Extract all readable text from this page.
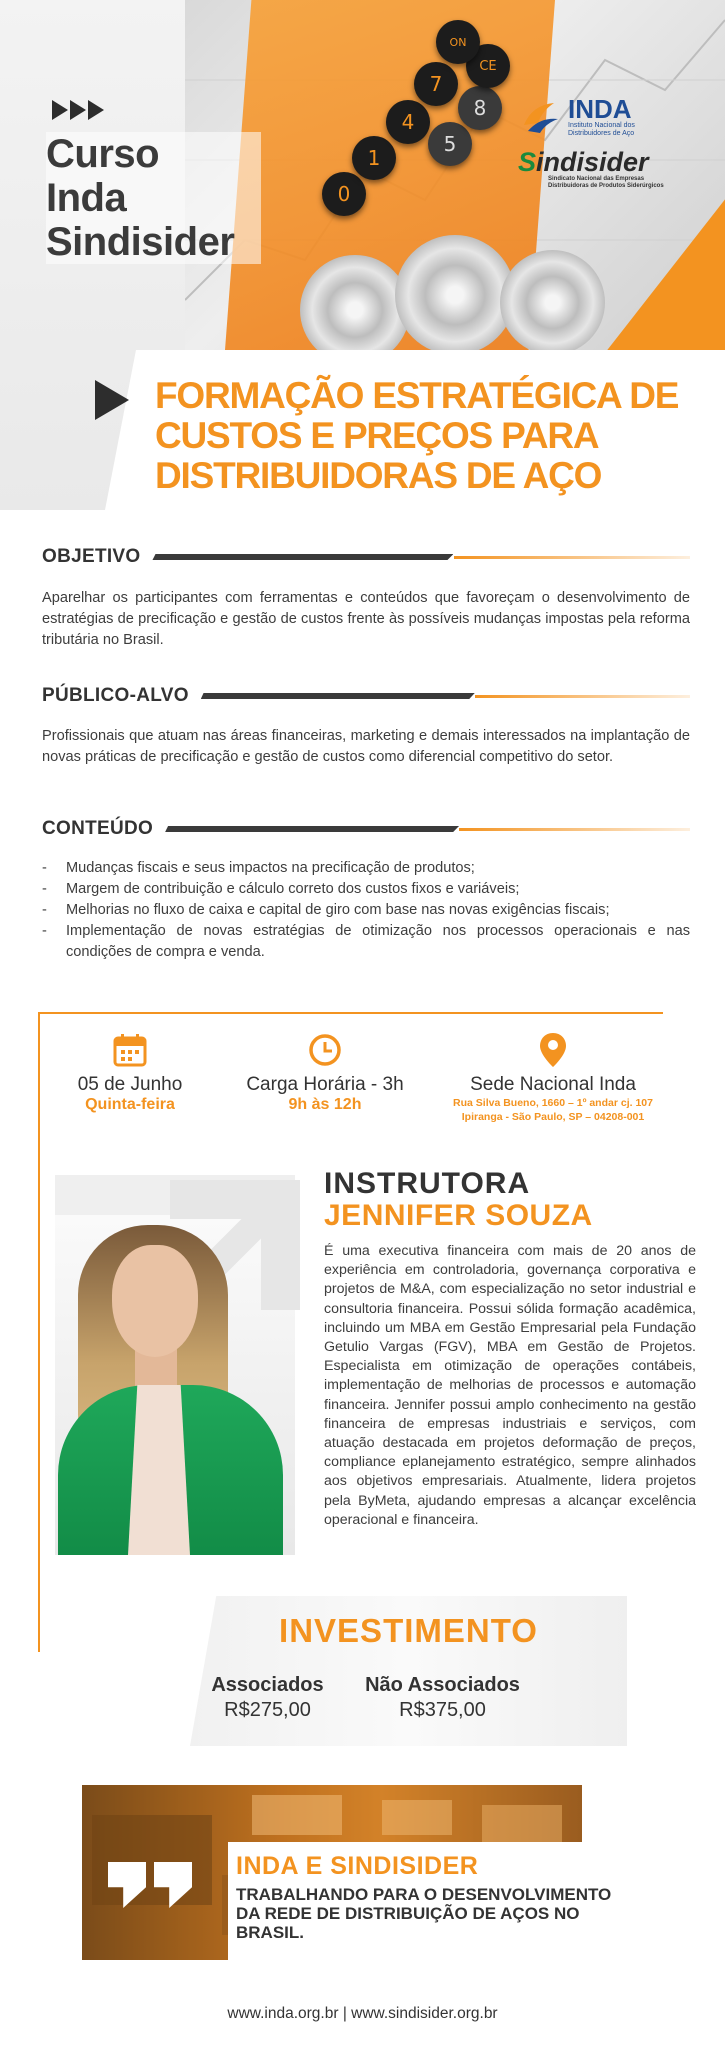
0
1
4
7
5
8
CE
ON
Curso
Inda
Sindisider
INDA
Instituto Nacional dos
Distribuidores de Aço
Sindisider
Sindicato Nacional das Empresas
Distribuidoras de Produtos Siderúrgicos
FORMAÇÃO ESTRATÉGICA DE
CUSTOS E PREÇOS PARA
DISTRIBUIDORAS DE AÇO
OBJETIVO

Aparelhar os participantes com ferramentas e conteúdos que favoreçam o desenvolvimento de estratégias de precificação e gestão de custos frente às possíveis mudanças impostas pela reforma tributária no Brasil.

PÚBLICO-ALVO

Profissionais que atuam nas áreas financeiras, marketing e demais interessados na implantação de novas práticas de precificação e gestão de custos como diferencial competitivo do setor.

CONTEÚDO
- Mudanças fiscais e seus impactos na precificação de produtos;
- Margem de contribuição e cálculo correto dos custos fixos e variáveis;
- Melhorias no fluxo de caixa e capital de giro com base nas novas exigências fiscais;
- Implementação de novas estratégias de otimização nos processos operacionais e nas condições de compra e venda.
05 de Junho
Quinta-feira
Carga Horária - 3h
9h às 12h
Sede Nacional Inda
Rua Silva Bueno, 1660 – 1º andar cj. 107
Ipiranga - São Paulo, SP – 04208-001
INSTRUTORA
JENNIFER SOUZA

É uma executiva financeira com mais de 20 anos de experiência em controladoria, governança corporativa e projetos de M&A, com especialização no setor industrial e consultoria financeira. Possui sólida formação acadêmica, incluindo um MBA em Gestão Empresarial pela Fundação Getulio Vargas (FGV), MBA em Gestão de Projetos. Especialista em otimização de operações contábeis, implementação de melhorias de processos e automação financeira. Jennifer possui amplo conhecimento na gestão financeira de empresas industriais e serviços, com atuação destacada em projetos deformação de preços, compliance eplanejamento estratégico, sempre alinhados aos objetivos empresariais. Atualmente, lidera projetos pela ByMeta, ajudando empresas a alcançar excelência operacional e financeira.

INVESTIMENTO
Associados
R$275,00
Não Associados
R$375,00
INDA E SINDISIDER
TRABALHANDO PARA O DESENVOLVIMENTO
DA REDE DE DISTRIBUIÇÃO DE AÇOS NO
BRASIL.
www.inda.org.br | www.sindisider.org.br
